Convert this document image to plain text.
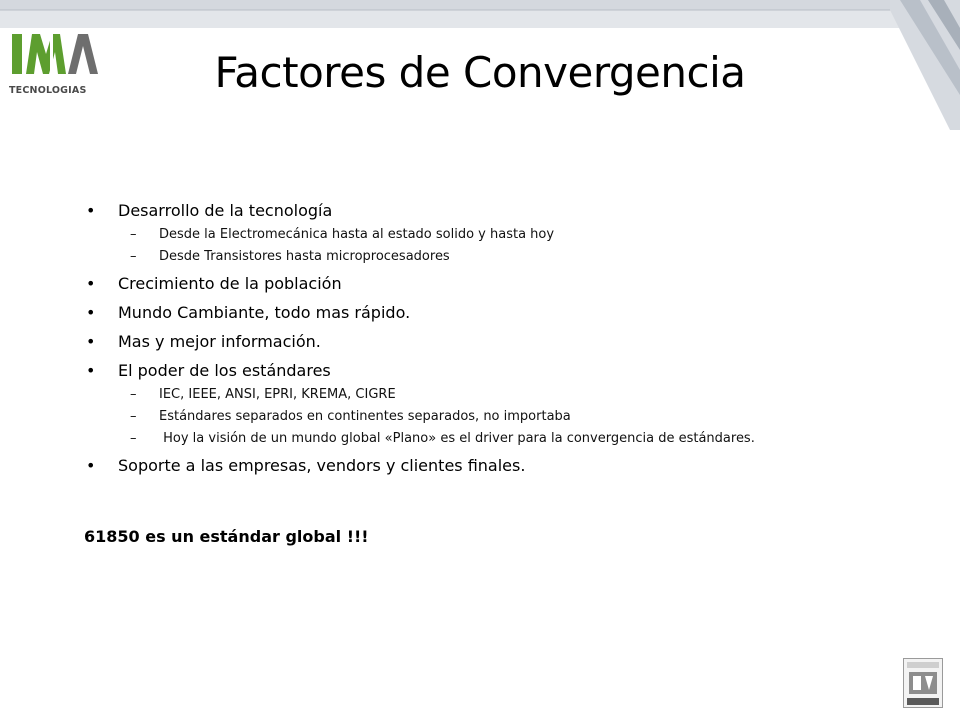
TECNOLOGIAS	Factores de Convergencia
• Desarrollo de la tecnología
– Desde la Electromecánica hasta al estado solido y hasta hoy
– Desde Transistores hasta microprocesadores
• Crecimiento de la población
• Mundo Cambiante, todo mas rápido.
• Mas y mejor información.
• El poder de los estándares
– IEC, IEEE, ANSI, EPRI, KREMA, CIGRE
– Estándares separados en continentes separados, no importaba
– Hoy la visión de un mundo global «Plano» es el driver para la convergencia de estándares.
• Soporte a las empresas, vendors y clientes finales.
61850 es un estándar global !!!
